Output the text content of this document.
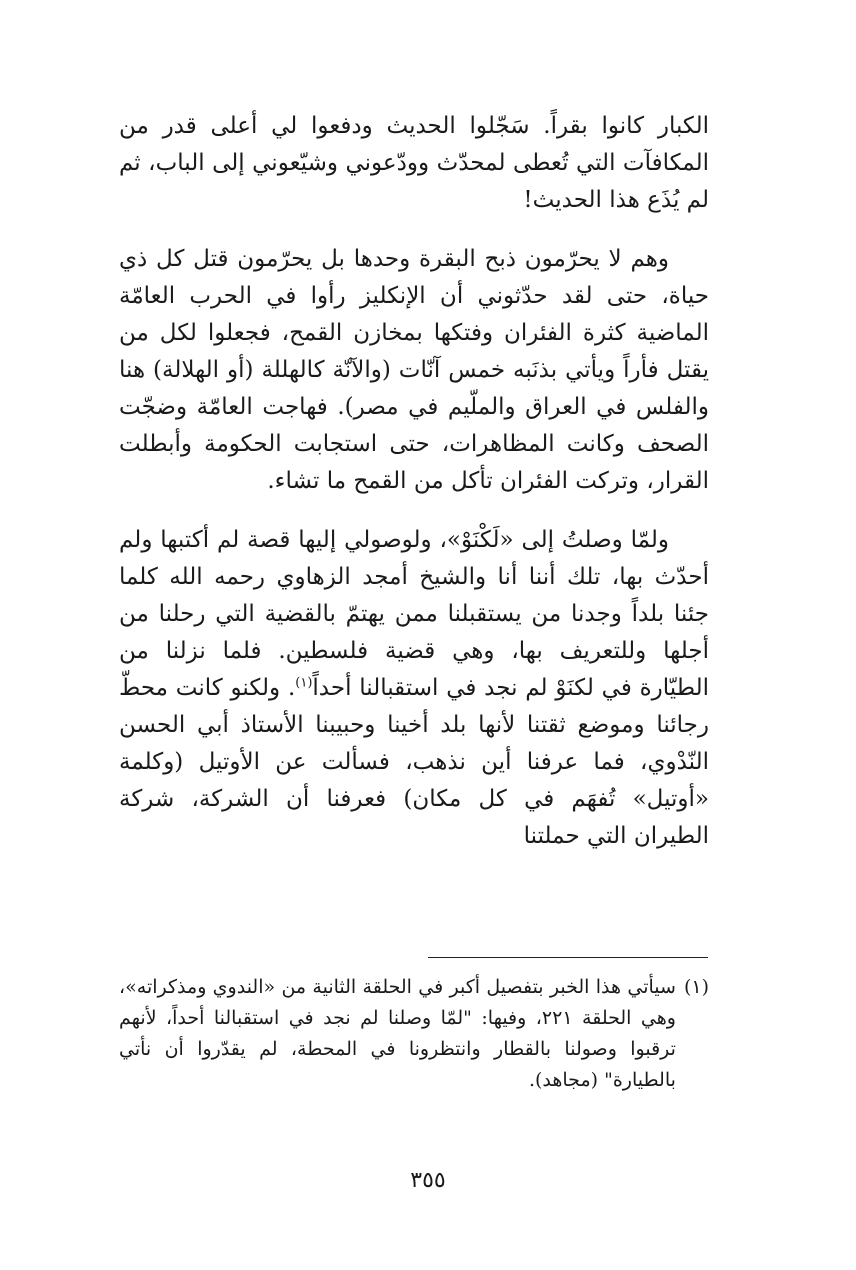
الكبار كانوا بقراً. سَجّلوا الحديث ودفعوا لي أعلى قدر من المكافآت التي تُعطى لمحدّث وودّعوني وشيّعوني إلى الباب، ثم لم يُذَع هذا الحديث!

وهم لا يحرّمون ذبح البقرة وحدها بل يحرّمون قتل كل ذي حياة، حتى لقد حدّثوني أن الإنكليز رأوا في الحرب العامّة الماضية كثرة الفئران وفتكها بمخازن القمح، فجعلوا لكل من يقتل فأراً ويأتي بذنَبه خمس آنّات (والآنّة كالهللة (أو الهلالة) هنا والفلس في العراق والملّيم في مصر). فهاجت العامّة وضجّت الصحف وكانت المظاهرات، حتى استجابت الحكومة وأبطلت القرار، وتركت الفئران تأكل من القمح ما تشاء.

ولمّا وصلتُ إلى «لَكْنَوْ»، ولوصولي إليها قصة لم أكتبها ولم أحدّث بها، تلك أننا أنا والشيخ أمجد الزهاوي رحمه الله كلما جئنا بلداً وجدنا من يستقبلنا ممن يهتمّ بالقضية التي رحلنا من أجلها وللتعريف بها، وهي قضية فلسطين. فلما نزلنا من الطيّارة في لكنَوْ لم نجد في استقبالنا أحداً$^{(١)}$. ولكنو كانت محطّ رجائنا وموضع ثقتنا لأنها بلد أخينا وحبيبنا الأستاذ أبي الحسن النّدْوي، فما عرفنا أين نذهب، فسألت عن الأوتيل (وكلمة «أوتيل» تُفهَم في كل مكان) فعرفنا أن الشركة، شركة الطيران التي حملتنا

(١)
سيأتي هذا الخبر بتفصيل أكبر في الحلقة الثانية من «الندوي ومذكراته»، وهي الحلقة ٢٢١، وفيها: "لمّا وصلنا لم نجد في استقبالنا أحداً، لأنهم ترقبوا وصولنا بالقطار وانتظرونا في المحطة، لم يقدّروا أن نأتي بالطيارة" (مجاهد).
٣٥٥
